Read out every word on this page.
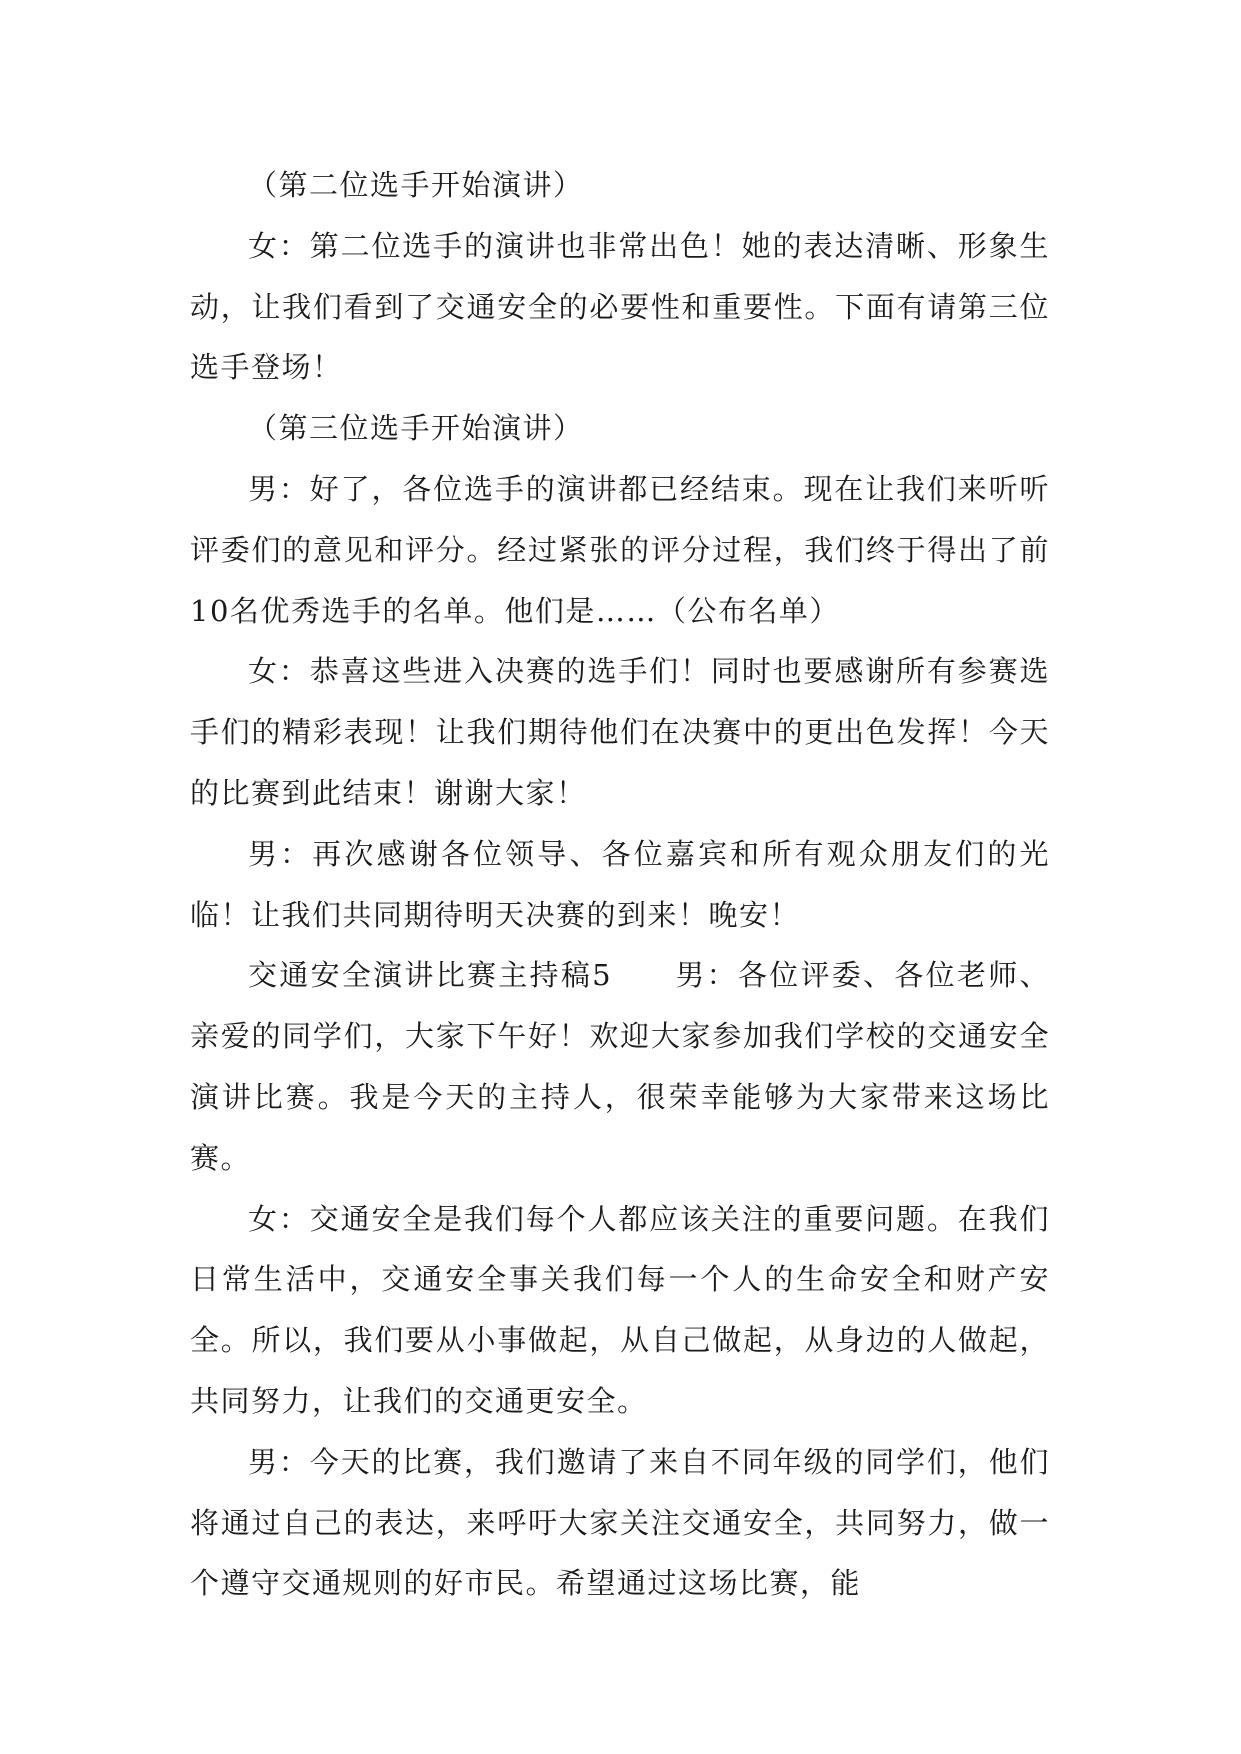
（第二位选手开始演讲）

女：第二位选手的演讲也非常出色！她的表达清晰、形象生动，让我们看到了交通安全的必要性和重要性。下面有请第三位选手登场！

（第三位选手开始演讲）

男：好了，各位选手的演讲都已经结束。现在让我们来听听评委们的意见和评分。经过紧张的评分过程，我们终于得出了前10名优秀选手的名单。他们是……（公布名单）

女：恭喜这些进入决赛的选手们！同时也要感谢所有参赛选手们的精彩表现！让我们期待他们在决赛中的更出色发挥！今天的比赛到此结束！谢谢大家！

男：再次感谢各位领导、各位嘉宾和所有观众朋友们的光临！让我们共同期待明天决赛的到来！晚安！

交通安全演讲比赛主持稿5　　男：各位评委、各位老师、亲爱的同学们，大家下午好！欢迎大家参加我们学校的交通安全演讲比赛。我是今天的主持人，很荣幸能够为大家带来这场比赛。

女：交通安全是我们每个人都应该关注的重要问题。在我们日常生活中，交通安全事关我们每一个人的生命安全和财产安全。所以，我们要从小事做起，从自己做起，从身边的人做起，共同努力，让我们的交通更安全。

男：今天的比赛，我们邀请了来自不同年级的同学们，他们将通过自己的表达，来呼吁大家关注交通安全，共同努力，做一个遵守交通规则的好市民。希望通过这场比赛，能
